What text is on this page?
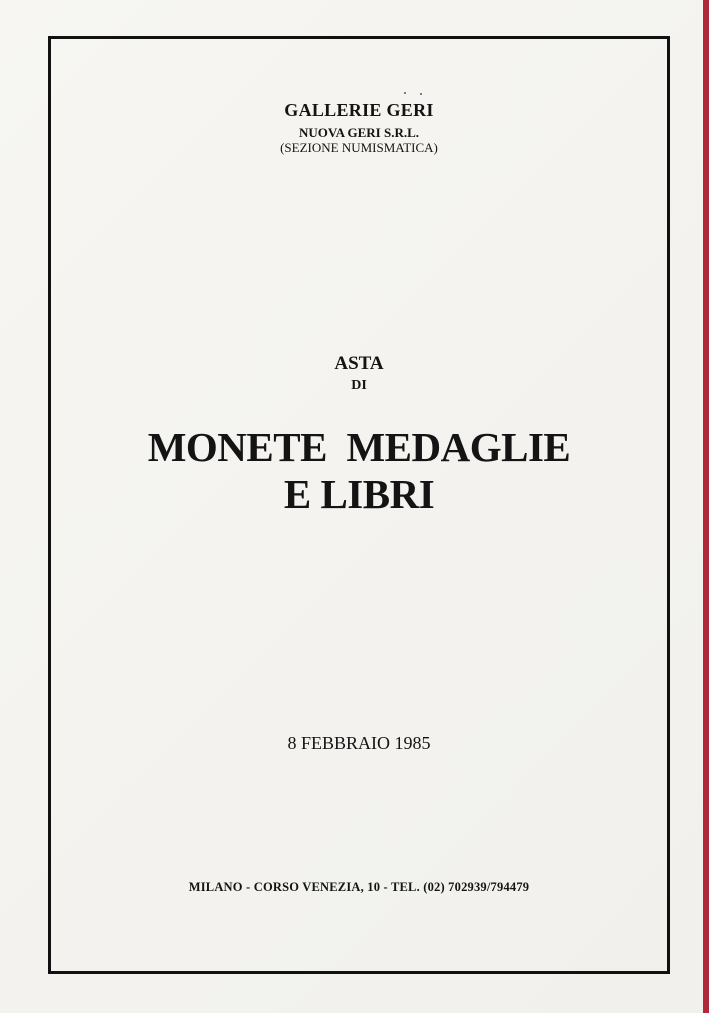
GALLERIE GERI

NUOVA GERI S.R.L.

(SEZIONE NUMISMATICA)

ASTA

DI

MONETE  MEDAGLIE

E LIBRI

8 FEBBRAIO 1985

MILANO - CORSO VENEZIA, 10 - TEL. (02) 702939/794479
